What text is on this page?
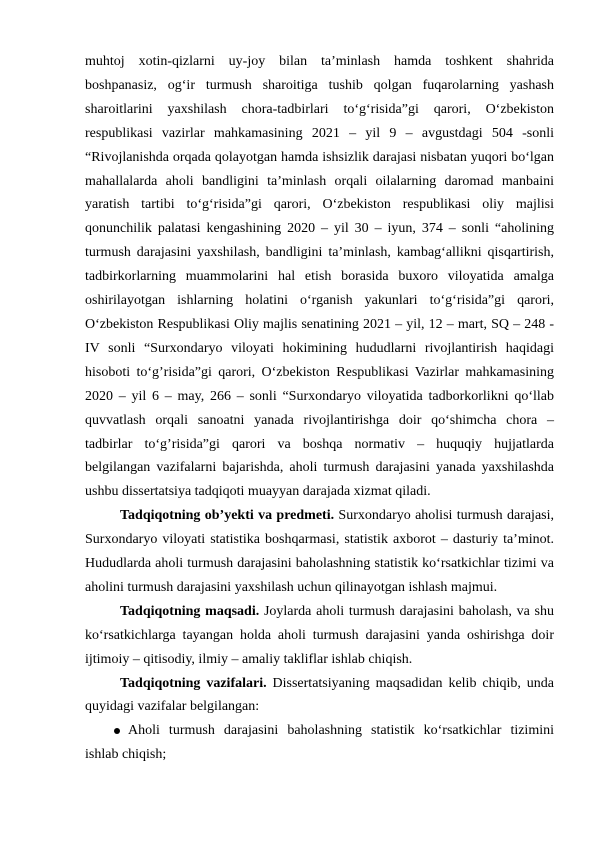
muhtoj xotin-qizlarni uy-joy bilan ta’minlash hamda toshkent shahrida boshpanasiz, og‘ir turmush sharoitiga tushib qolgan fuqarolarning yashash sharoitlarini yaxshilash chora-tadbirlari to‘g‘risida”gi qarori, O‘zbekiston respublikasi vazirlar mahkamasining 2021 – yil 9 – avgustdagi 504 -sonli “Rivojlanishda orqada qolayotgan hamda ishsizlik darajasi nisbatan yuqori bo‘lgan mahallalarda aholi bandligini ta’minlash orqali oilalarning daromad manbaini yaratish tartibi to‘g‘risida”gi qarori, O‘zbekiston respublikasi oliy majlisi qonunchilik palatasi kengashining 2020 – yil 30 – iyun, 374 – sonli “aholining turmush darajasini yaxshilash, bandligini ta’minlash, kambag‘allikni qisqartirish, tadbirkorlarning muammolarini hal etish borasida buxoro viloyatida amalga oshirilayotgan ishlarning holatini o‘rganish yakunlari to‘g‘risida”gi qarori, O‘zbekiston Respublikasi Oliy majlis senatining 2021 – yil, 12 – mart, SQ – 248 - IV sonli “Surxondaryo viloyati hokimining hududlarni rivojlantirish haqidagi hisoboti to‘g’risida”gi qarori, O‘zbekiston Respublikasi Vazirlar mahkamasining 2020 – yil 6 – may, 266 – sonli “Surxondaryo viloyatida tadborkorlikni qo‘llab quvvatlash orqali sanoatni yanada rivojlantirishga doir qo‘shimcha chora – tadbirlar to‘g’risida”gi qarori va boshqa normativ – huquqiy hujjatlarda belgilangan vazifalarni bajarishda, aholi turmush darajasini yanada yaxshilashda ushbu dissertatsiya tadqiqoti muayyan darajada xizmat qiladi.

Tadqiqotning ob’yekti va predmeti. Surxondaryo aholisi turmush darajasi, Surxondaryo viloyati statistika boshqarmasi, statistik axborot – dasturiy ta’minot. Hududlarda aholi turmush darajasini baholashning statistik ko‘rsatkichlar tizimi va aholini turmush darajasini yaxshilash uchun qilinayotgan ishlash majmui.

Tadqiqotning maqsadi. Joylarda aholi turmush darajasini baholash, va shu ko‘rsatkichlarga tayangan holda aholi turmush darajasini yanda oshirishga doir ijtimoiy – qitisodiy, ilmiy – amaliy takliflar ishlab chiqish.

Tadqiqotning vazifalari. Dissertatsiyaning maqsadidan kelib chiqib, unda quyidagi vazifalar belgilangan:

Aholi turmush darajasini baholashning statistik ko‘rsatkichlar tizimini ishlab chiqish;
